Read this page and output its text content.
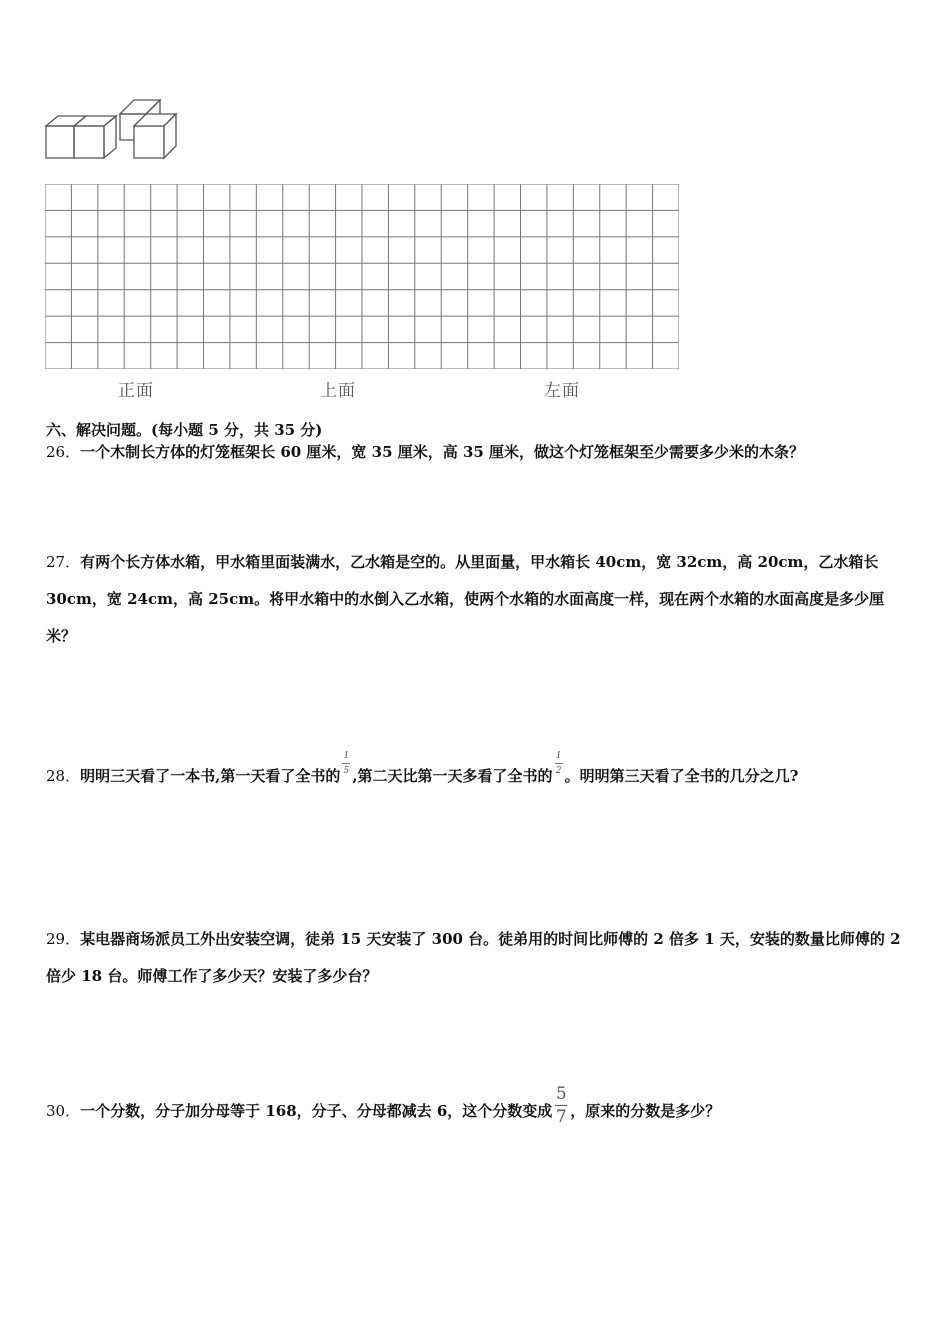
正面	上面	左面
六、解决问题。(每小题 5 分，共 35 分)
26．一个木制长方体的灯笼框架长 60 厘米，宽 35 厘米，高 35 厘米，做这个灯笼框架至少需要多少米的木条？
27．有两个长方体水箱，甲水箱里面装满水，乙水箱是空的。从里面量，甲水箱长 40cm，宽 32cm，高 20cm，乙水箱长 30cm，宽 24cm，高 25cm。将甲水箱中的水倒入乙水箱，使两个水箱的水面高度一样，现在两个水箱的水面高度是多少厘米？
28．明明三天看了一本书,第一天看了全书的 $\frac{1}{5}$ ,第二天比第一天多看了全书的 $\frac{1}{2}$ 。明明第三天看了全书的几分之几?
29．某电器商场派员工外出安装空调，徒弟 15 天安装了 300 台。徒弟用的时间比师傅的 2 倍多 1 天，安装的数量比师傅的 2 倍少 18 台。师傅工作了多少天？安装了多少台？
30．一个分数，分子加分母等于 168，分子、分母都减去 6，这个分数变成 $\frac{5}{7}$ ，原来的分数是多少？
